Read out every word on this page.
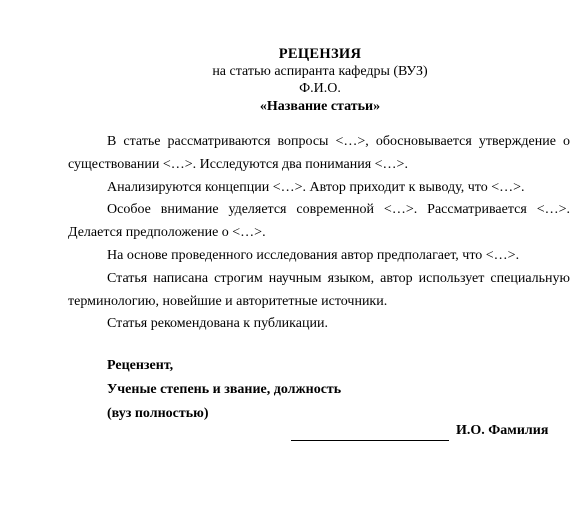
РЕЦЕНЗИЯ
на статью аспиранта кафедры (ВУЗ)
Ф.И.О.
«Название статьи»

В статье рассматриваются вопросы <…>, обосновывается утверждение о существовании <…>. Исследуются два понимания <…>.

Анализируются концепции <…>. Автор приходит к выводу, что <…>.

Особое внимание уделяется современной <…>. Рассматривается <…>. Делается предположение о <…>.

На основе проведенного исследования автор предполагает, что <…>.

Статья написана строгим научным языком, автор использует специальную терминологию, новейшие и авторитетные источники.

Статья рекомендована к публикации.

Рецензент,
Ученые степень и звание, должность
(вуз полностью)
И.О. Фамилия
